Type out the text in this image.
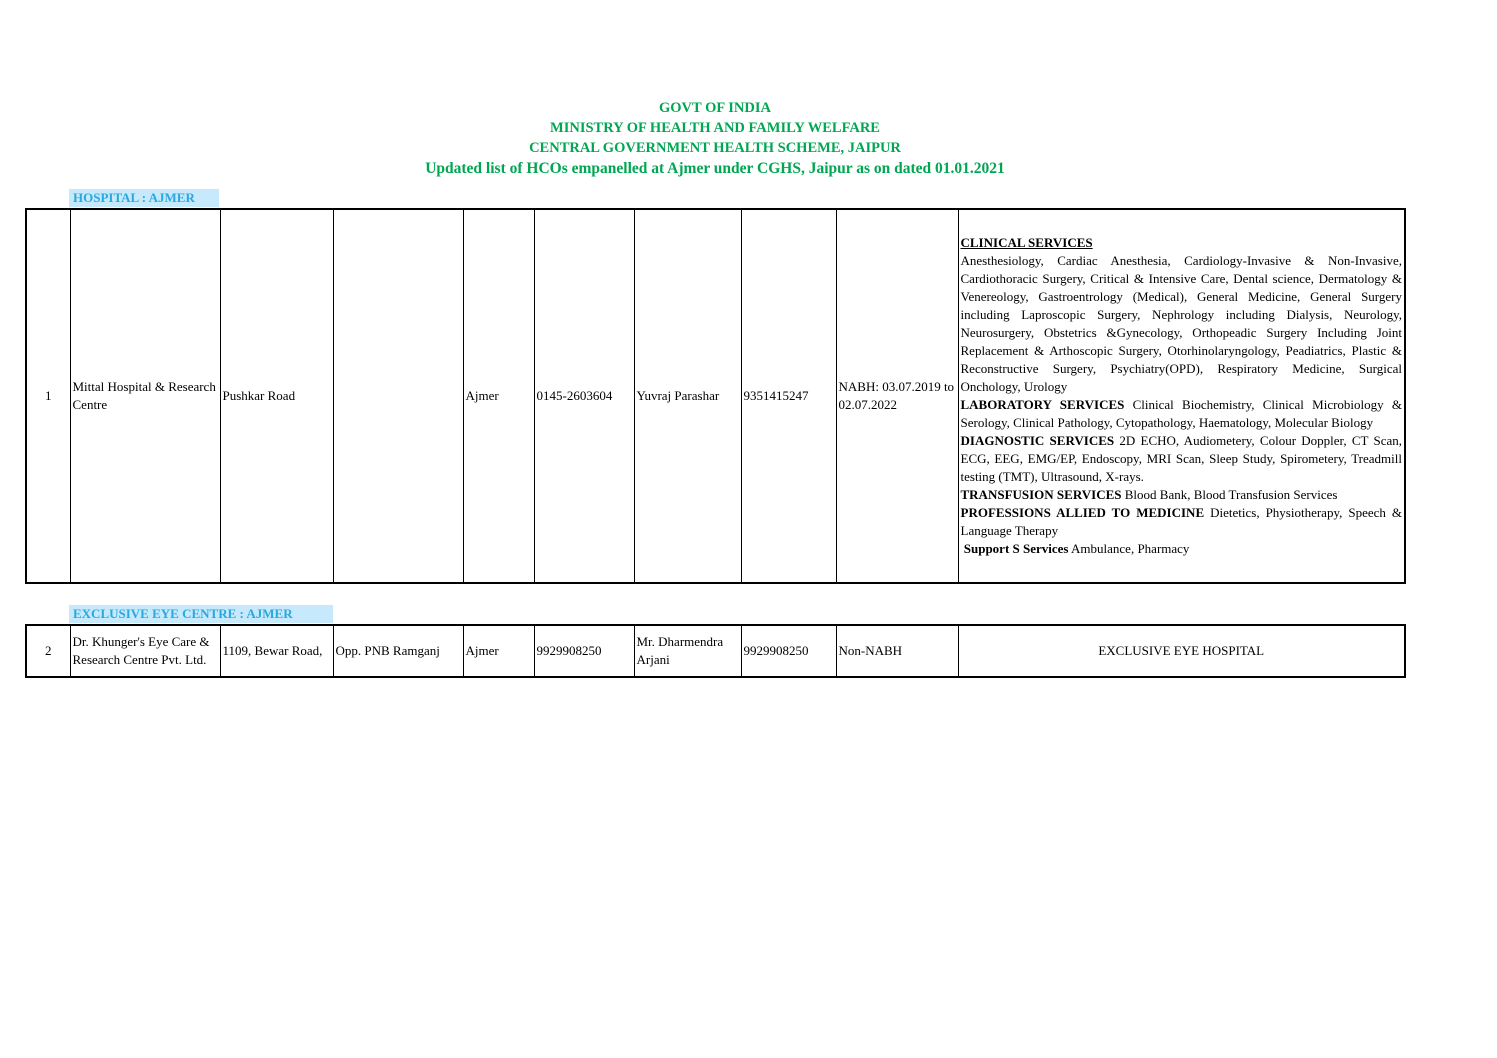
GOVT OF INDIA
MINISTRY OF HEALTH AND FAMILY WELFARE
CENTRAL GOVERNMENT HEALTH SCHEME, JAIPUR
Updated list of HCOs empanelled at Ajmer under CGHS, Jaipur as on dated 01.01.2021
HOSPITAL : AJMER
1	Mittal Hospital & Research Centre	Pushkar Road		Ajmer	0145-2603604	Yuvraj Parashar	9351415247	NABH: 03.07.2019 to 02.07.2022	

CLINICAL SERVICES

Anesthesiology, Cardiac Anesthesia, Cardiology-Invasive & Non-Invasive, Cardiothoracic Surgery, Critical & Intensive Care, Dental science, Dermatology & Venereology, Gastroentrology (Medical), General Medicine, General Surgery including Laproscopic Surgery, Nephrology including Dialysis, Neurology, Neurosurgery, Obstetrics &Gynecology, Orthopeadic Surgery Including Joint Replacement & Arthoscopic Surgery, Otorhinolaryngology, Peadiatrics, Plastic & Reconstructive Surgery, Psychiatry(OPD), Respiratory Medicine, Surgical Onchology, Urology

LABORATORY SERVICES Clinical Biochemistry, Clinical Microbiology & Serology, Clinical Pathology, Cytopathology, Haematology, Molecular Biology

DIAGNOSTIC SERVICES 2D ECHO, Audiometery, Colour Doppler, CT Scan, ECG, EEG, EMG/EP, Endoscopy, MRI Scan, Sleep Study, Spirometery, Treadmill testing (TMT), Ultrasound, X-rays.

TRANSFUSION SERVICES Blood Bank, Blood Transfusion Services

PROFESSIONS ALLIED TO MEDICINE Dietetics, Physiotherapy, Speech & Language Therapy

Support S Services Ambulance, Pharmacy

EXCLUSIVE EYE CENTRE : AJMER
2	Dr. Khunger's Eye Care & Research Centre Pvt. Ltd.	1109, Bewar Road,	Opp. PNB Ramganj	Ajmer	9929908250	Mr. Dharmendra Arjani	9929908250	Non-NABH	EXCLUSIVE EYE HOSPITAL
